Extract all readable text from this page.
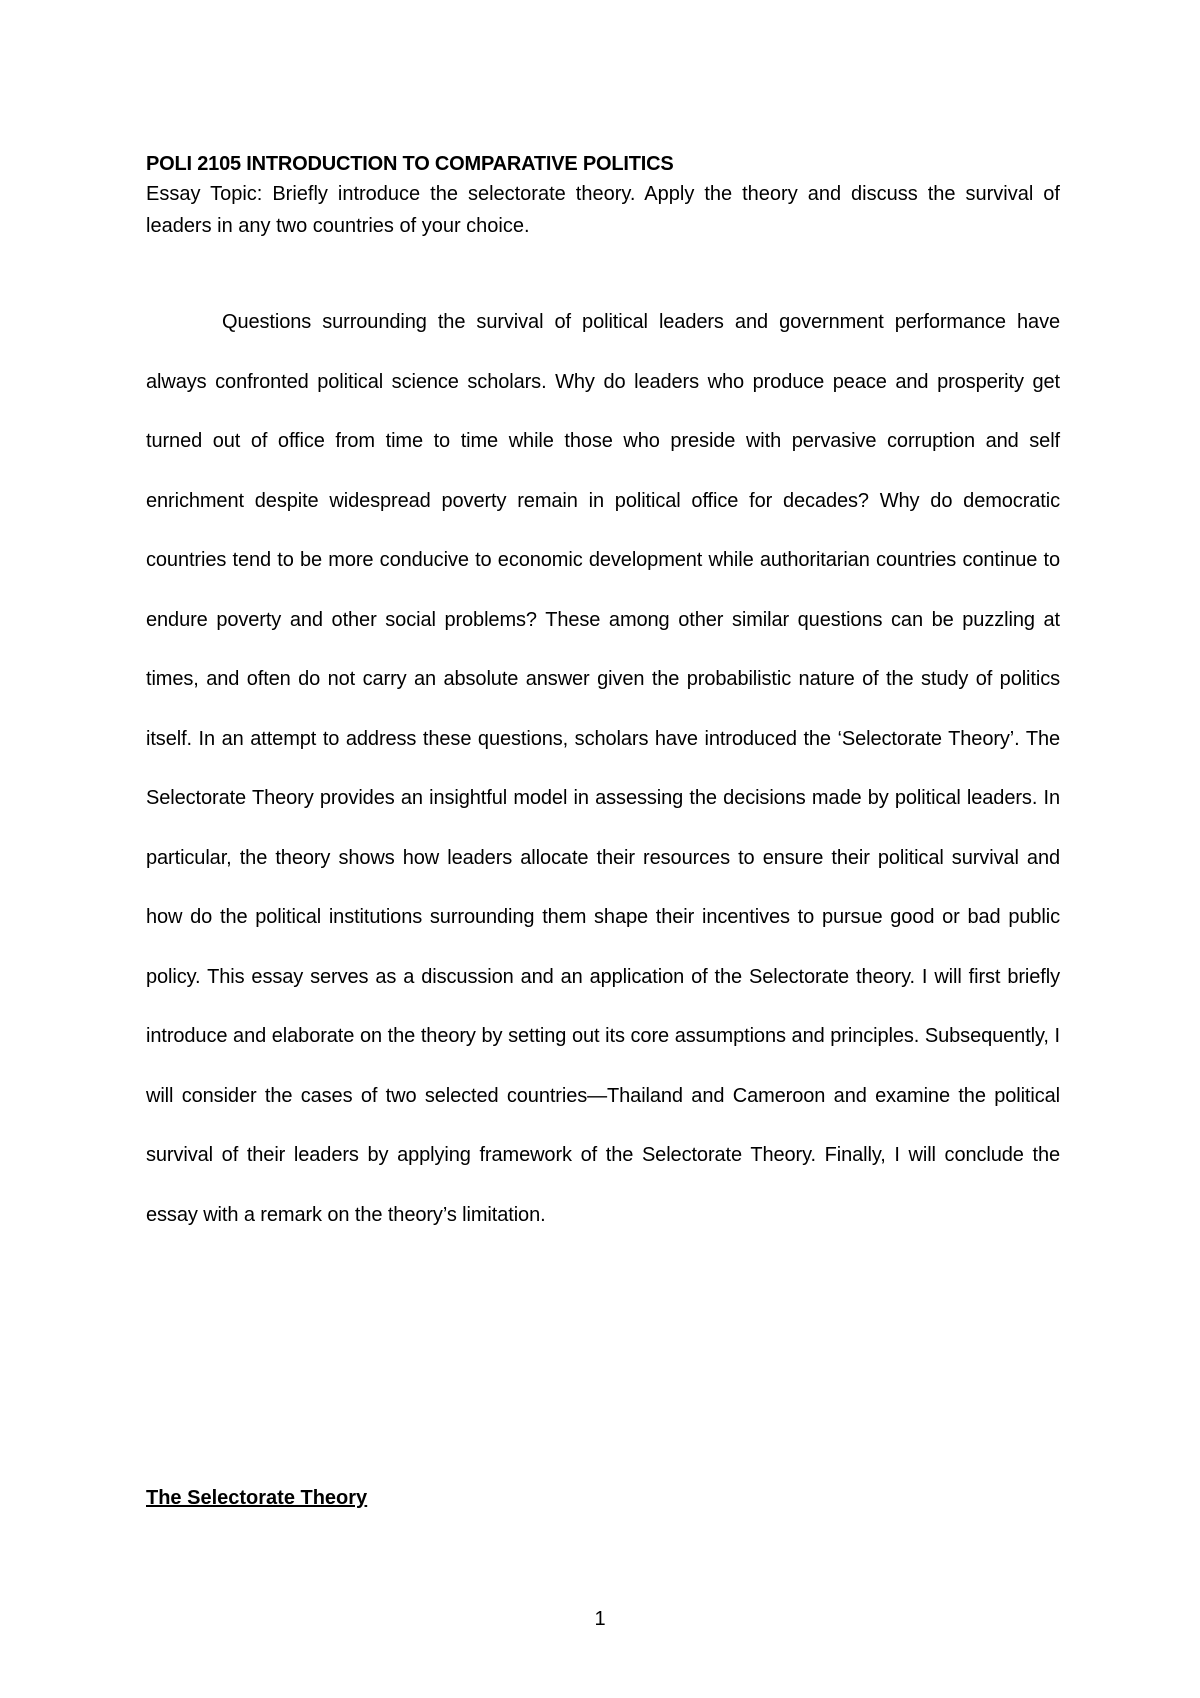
POLI 2105 INTRODUCTION TO COMPARATIVE POLITICS

Essay Topic: Briefly introduce the selectorate theory. Apply the theory and discuss the survival of leaders in any two countries of your choice.

Questions surrounding the survival of political leaders and government performance have always confronted political science scholars. Why do leaders who produce peace and prosperity get turned out of office from time to time while those who preside with pervasive corruption and self enrichment despite widespread poverty remain in political office for decades? Why do democratic countries tend to be more conducive to economic development while authoritarian countries continue to endure poverty and other social problems? These among other similar questions can be puzzling at times, and often do not carry an absolute answer given the probabilistic nature of the study of politics itself. In an attempt to address these questions, scholars have introduced the ‘Selectorate Theory’. The Selectorate Theory provides an insightful model in assessing the decisions made by political leaders. In particular, the theory shows how leaders allocate their resources to ensure their political survival and how do the political institutions surrounding them shape their incentives to pursue good or bad public policy. This essay serves as a discussion and an application of the Selectorate theory. I will first briefly introduce and elaborate on the theory by setting out its core assumptions and principles. Subsequently, I will consider the cases of two selected countries—Thailand and Cameroon and examine the political survival of their leaders by applying framework of the Selectorate Theory. Finally, I will conclude the essay with a remark on the theory’s limitation.

The Selectorate Theory

1
